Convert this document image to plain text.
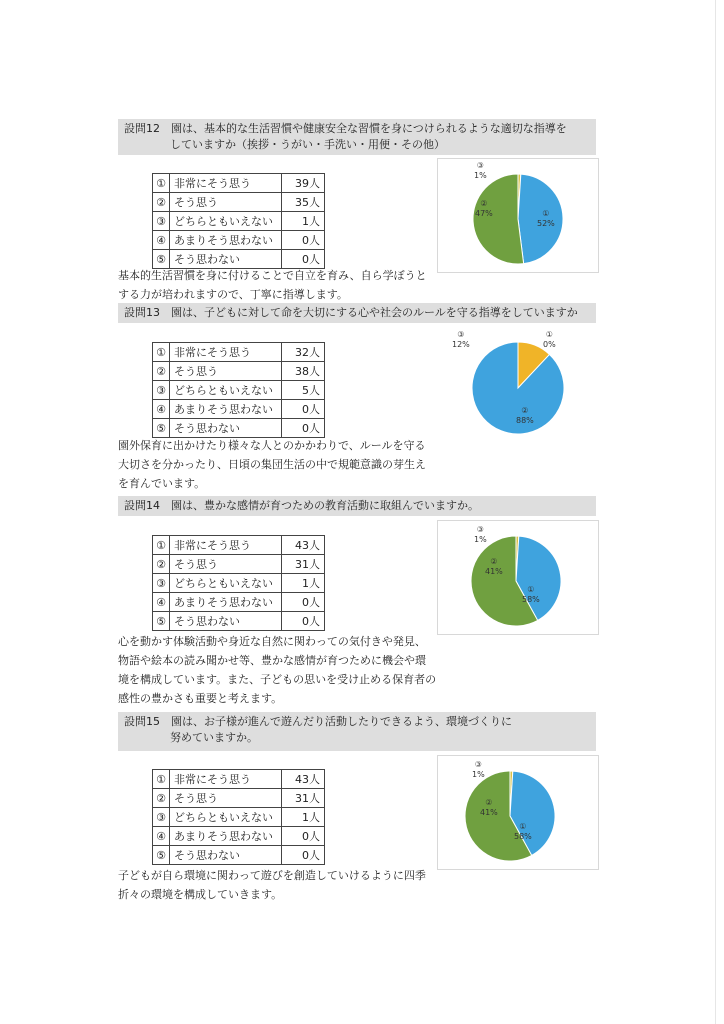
設問12　園は、基本的な生活習慣や健康安全な習慣を身につけられるような適切な指導を
していますか（挨拶・うがい・手洗い・用便・その他）
①	非常にそう思う	39人
②	そう思う	35人
③	どちらともいえない	1人
④	あまりそう思わない	0人
⑤	そう思わない	0人
基本的生活習慣を身に付けることで自立を育み、自ら学ぼうと
する力が培われますので、丁寧に指導します。
③
1%
②
47%	①
52%
設問13　園は、子どもに対して命を大切にする心や社会のルールを守る指導をしていますか
①	非常にそう思う	32人
②	そう思う	38人
③	どちらともいえない	5人
④	あまりそう思わない	0人
⑤	そう思わない	0人
園外保育に出かけたり様々な人とのかかわりで、ルールを守る
大切さを分かったり、日頃の集団生活の中で規範意識の芽生え
を育んでいます。
③
12%
①
0%
②
88%
設問14　園は、豊かな感情が育つための教育活動に取組んでいますか。
①	非常にそう思う	43人
②	そう思う	31人
③	どちらともいえない	1人
④	あまりそう思わない	0人
⑤	そう思わない	0人
心を動かす体験活動や身近な自然に関わっての気付きや発見、
物語や絵本の読み聞かせ等、豊かな感情が育つために機会や環
境を構成しています。また、子どもの思いを受け止める保育者の
感性の豊かさも重要と考えます。
③
1%
②
41%
①
58%
設問15　園は、お子様が進んで遊んだり活動したりできるよう、環境づくりに
努めていますか。
①	非常にそう思う	43人
②	そう思う	31人
③	どちらともいえない	1人
④	あまりそう思わない	0人
⑤	そう思わない	0人
子どもが自ら環境に関わって遊びを創造していけるように四季
折々の環境を構成していきます。
③
1%
②
41%
①
58%
